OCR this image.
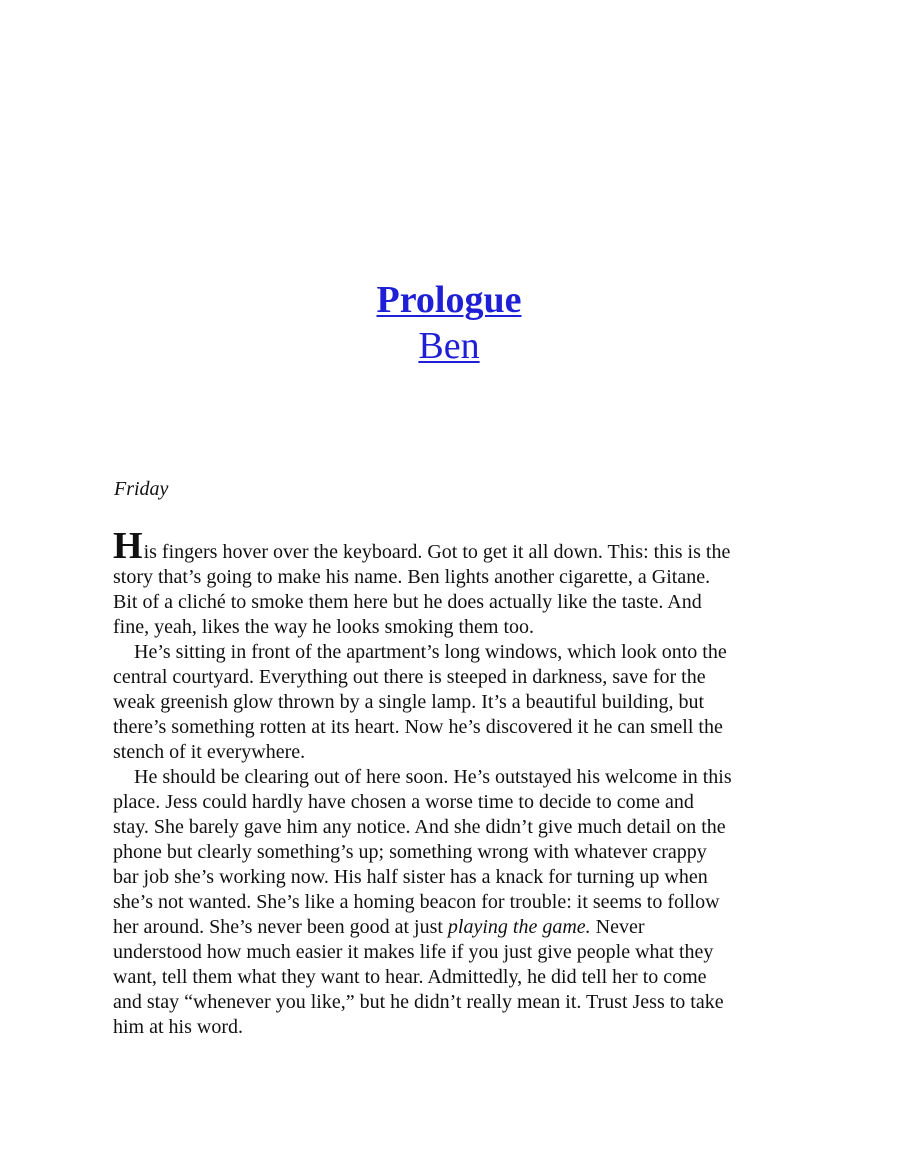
Prologue
Ben

Friday

His fingers hover over the keyboard. Got to get it all down. This: this is the
story that’s going to make his name. Ben lights another cigarette, a Gitane.
Bit of a cliché to smoke them here but he does actually like the taste. And
fine, yeah, likes the way he looks smoking them too.
He’s sitting in front of the apartment’s long windows, which look onto the
central courtyard. Everything out there is steeped in darkness, save for the
weak greenish glow thrown by a single lamp. It’s a beautiful building, but
there’s something rotten at its heart. Now he’s discovered it he can smell the
stench of it everywhere.
He should be clearing out of here soon. He’s outstayed his welcome in this
place. Jess could hardly have chosen a worse time to decide to come and
stay. She barely gave him any notice. And she didn’t give much detail on the
phone but clearly something’s up; something wrong with whatever crappy
bar job she’s working now. His half sister has a knack for turning up when
she’s not wanted. She’s like a homing beacon for trouble: it seems to follow
her around. She’s never been good at just playing the game. Never
understood how much easier it makes life if you just give people what they
want, tell them what they want to hear. Admittedly, he did tell her to come
and stay “whenever you like,” but he didn’t really mean it. Trust Jess to take
him at his word.
